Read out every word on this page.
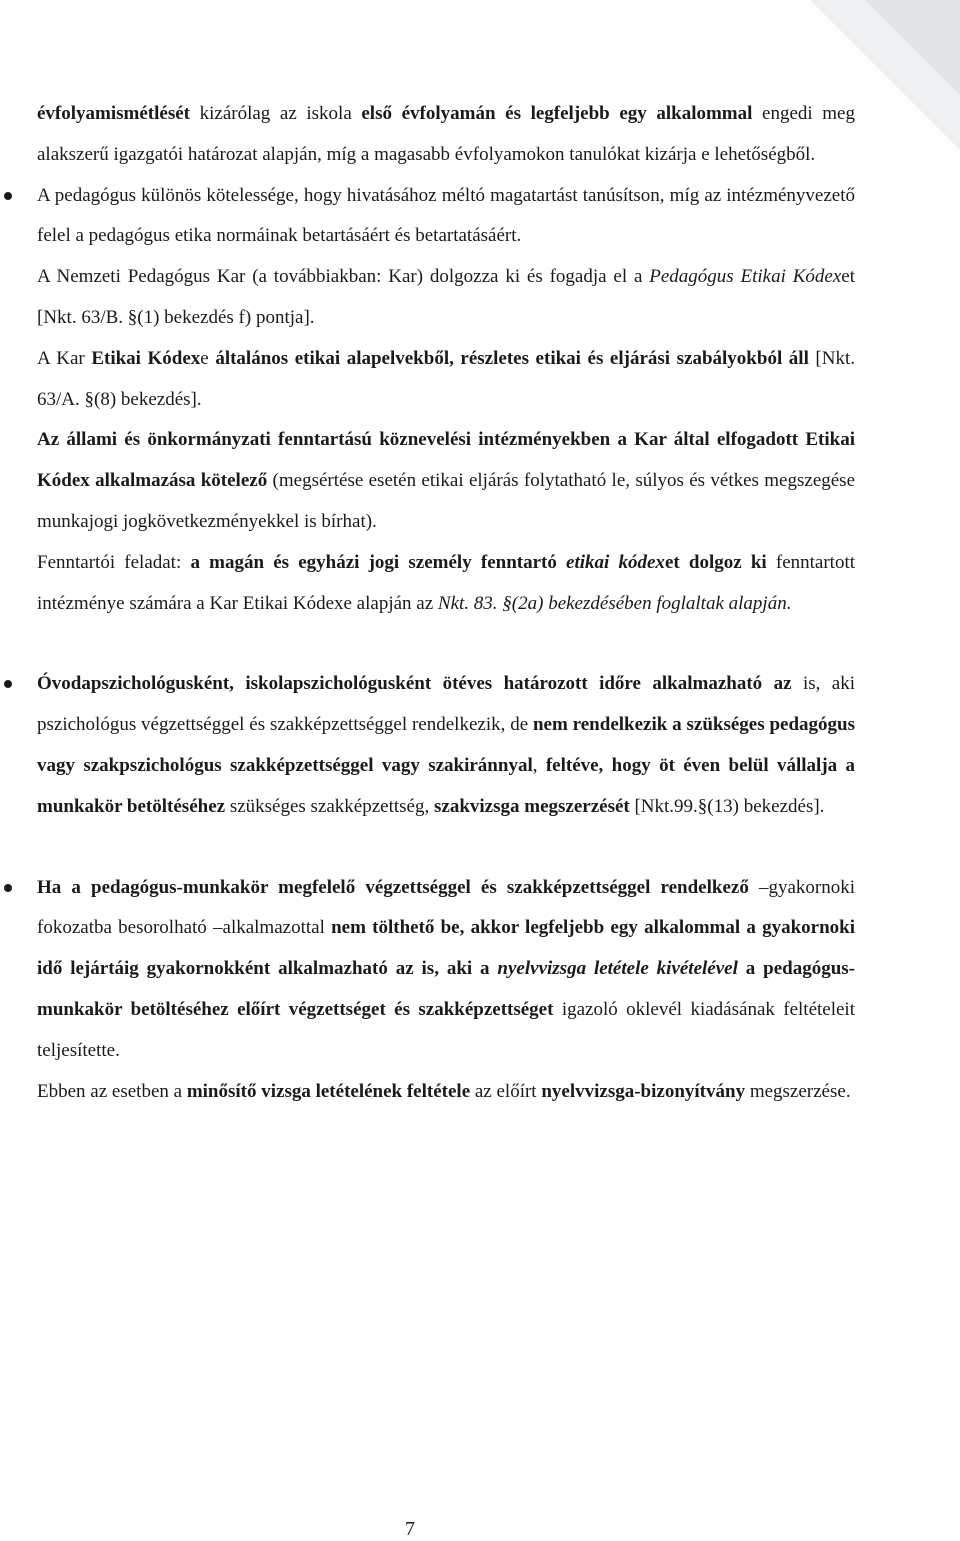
évfolyamismétlését kizárólag az iskola első évfolyamán és legfeljebb egy alkalommal engedi meg alakszerű igazgatói határozat alapján, míg a magasabb évfolyamokon tanulókat kizárja e lehetőségből.

A pedagógus különös kötelessége, hogy hivatásához méltó magatartást tanúsítson, míg az intézményvezető felel a pedagógus etika normáinak betartásáért és betartatásáért.

A Nemzeti Pedagógus Kar (a továbbiakban: Kar) dolgozza ki és fogadja el a Pedagógus Etikai Kódexet [Nkt. 63/B. §(1) bekezdés f) pontja].

A Kar Etikai Kódexe általános etikai alapelvekből, részletes etikai és eljárási szabályokból áll [Nkt. 63/A. §(8) bekezdés].

Az állami és önkormányzati fenntartású köznevelési intézményekben a Kar által elfogadott Etikai Kódex alkalmazása kötelező (megsértése esetén etikai eljárás folytatható le, súlyos és vétkes megszegése munkajogi jogkövetkezményekkel is bírhat).

Fenntartói feladat: a magán és egyházi jogi személy fenntartó etikai kódexet dolgoz ki fenntartott intézménye számára a Kar Etikai Kódexe alapján az Nkt. 83. §(2a) bekezdésében foglaltak alapján.

Óvodapszichológusként, iskolapszichológusként ötéves határozott időre alkalmazható az is, aki pszichológus végzettséggel és szakképzettséggel rendelkezik, de nem rendelkezik a szükséges pedagógus vagy szakpszichológus szakképzettséggel vagy szakiránnyal, feltéve, hogy öt éven belül vállalja a munkakör betöltéséhez szükséges szakképzettség, szakvizsga megszerzését [Nkt.99.§(13) bekezdés].

Ha a pedagógus-munkakör megfelelő végzettséggel és szakképzettséggel rendelkező –gyakornoki fokozatba besorolható –alkalmazottal nem tölthető be, akkor legfeljebb egy alkalommal a gyakornoki idő lejártáig gyakornokként alkalmazható az is, aki a nyelvvizsga letétele kivételével a pedagógus-munkakör betöltéséhez előírt végzettséget és szakképzettséget igazoló oklevél kiadásának feltételeit teljesítette.

Ebben az esetben a minősítő vizsga letételének feltétele az előírt nyelvvizsga-bizonyítvány megszerzése.

7
